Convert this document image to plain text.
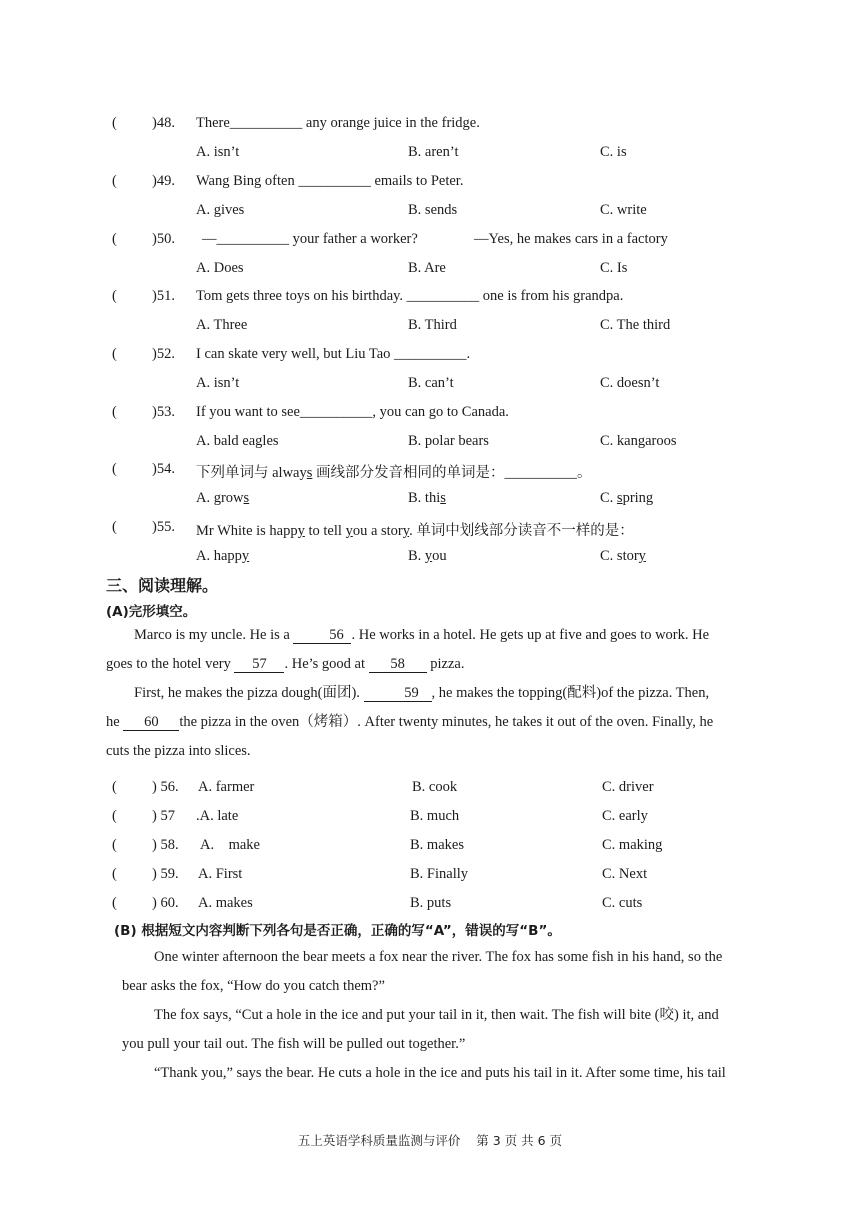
( )48. There__________ any orange juice in the fridge.
A. isn’t	B. aren’t	C. is
( )49. Wang Bing often __________ emails to Peter.
A. gives	B. sends	C. write
( )50. —__________ your father a worker?	—Yes, he makes cars in a factory
A. Does	B. Are	C. Is
( )51. Tom gets three toys on his birthday. __________ one is from his grandpa.
A. Three	B. Third	C. The third
( )52. I can skate very well, but Liu Tao __________.
A. isn’t	B. can’t	C. doesn’t
( )53. If you want to see__________, you can go to Canada.
A. bald eagles	B. polar bears	C. kangaroos
( )54. 下列单词与 always 画线部分发音相同的单词是：__________。
A. grows	B. this	C. spring
( )55. Mr White is happy to tell you a story. 单词中划线部分读音不一样的是：
A. happy	B. you	C. story
三、阅读理解。
(A)完形填空。

Marco is my uncle. He is a 56 . He works in a hotel. He gets up at five and goes to work. He

goes to the hotel very 57 . He’s good at 58 pizza.

First, he makes the pizza dough(面团).	59 , he makes the topping(配料)of the pizza. Then,

he 60 the pizza in the oven（烤箱）. After twenty minutes, he takes it out of the oven. Finally, he

cuts the pizza into slices.

( ) 56. A. farmer	B. cook	C. driver
( ) 57 .A. late	B. much	C. early
( ) 58. A.    make	B. makes	C. making
( ) 59. A. First	B. Finally	C. Next
( ) 60. A. makes	B. puts	C. cuts
(B) 根据短文内容判断下列各句是否正确，正确的写“A”，错误的写“B”。

One winter afternoon the bear meets a fox near the river. The fox has some fish in his hand, so the

bear asks the fox, “How do you catch them?”

The fox says, “Cut a hole in the ice and put your tail in it, then wait. The fish will bite (咬) it, and

you pull your tail out. The fish will be pulled out together.”

“Thank you,” says the bear. He cuts a hole in the ice and puts his tail in it. After some time, his tail

五上英语学科质量监测与评价    第 3 页 共 6 页
